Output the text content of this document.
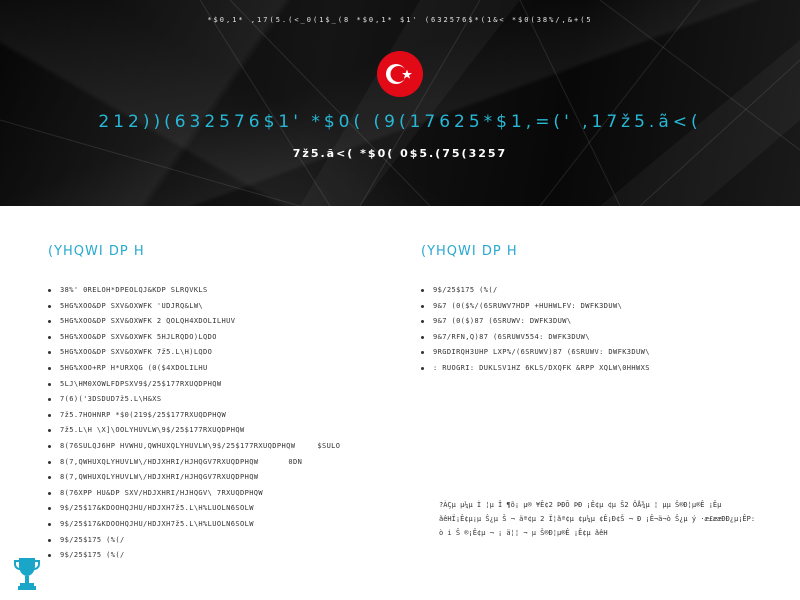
*$0,1* ,17(5.(<_0(1$_(8 *$0,1* $1' (632576$*(1&< *$0(38%/,&+(5
212))(632576$1' *$0( (9(17625*$1,=(' ,17ž5.ã<(
7ž5.ã<( *$0( 0$5.(75(3257
(YHQWI DP H
38%' 0RELOH*DPEOLQJ&KDP SLRQVKLS
5HG%XOO&DP SXV&OXWFK 'UDJRQ&LW\
5HG%XOO&DP SXV&OXWFK 2 QOLQH4XDOLILHUV
5HG%XOO&DP SXV&OXWFK 5HJLRQDO)LQDO
5HG%XOO&DP SXV&OXWFK 7ž5.L\H)LQDO
5HG%XOO+RP H*URXQG (0($4XDOLILHU
5LJ\HM0XOWLFDPSXV9$/25$177RXUQDPHQW
7(6)('3DSDUD7ž5.L\H&XS
7ž5.7HOHNRP *$0(219$/25$177RXUQDPHQW
7ž5.L\H \X]\OOLYHUVLW\9$/25$177RXUQDPHQW
8(76SULQJ6HP HVWHU,QWHUXQLYHUVLW\9$/25$177RXUQDPHQW	$SULO
8(7,QWHUXQLYHUVLW\/HDJXHRI/HJHQGV7RXUQDPHQW	0DN
8(7,QWHUXQLYHUVLW\/HDJXHRI/HJHQGV7RXUQDPHQW
8(76XPP HU&DP SXV/HDJXHRI/HJHQGV\ 7RXUQDPHQW
9$/25$17&KDOOHQJHU/HDJXH7ž5.L\H%LUOLN6SOLW
9$/25$17&KDOOHQJHU/HDJXH7ž5.L\H%LUOLN6SOLW
9$/25$175 (%(/
9$/25$175 (%(/
(YHQWI DP H
9$/25$175 (%(/
9&7 (0($%/(6SRUWV7HDP +HUHWLFV: DWFK3DUW\
9&7 (0($)87 (6SRUWV: DWFK3DUW\
9&7/RFN,Q)87 (6SRUWV554: DWFK3DUW\
9RGDIRQH3UHP LXP%/(6SRUWV)87 (6SRUWV: DWFK3DUW\
: RUOGRI: DUKLSV1HZ 6KLS/DXQFK &RPP XQLW\0HHWXS
?ÀÇµ µ¼µ Ì ¦µ Î ¶õ¡ µ® ¥Ê¢2 ÞÐÕ ÞÐ ¡Ê¢µ ¢µ Š2 ÔÅ¾µ ¦ µµ Š®Ð¦µ®Ê ¡Êµ ãêHÏ¡Ê¢µ¡µ Ŝ¿µ Š ¬ äª¢µ 2 Ï¦ãª¢µ ¢µ¼µ ¢Ê¡Ð¢Š ¬ Ð ¡Ê¬ä¬ò Ŝ¿µ ý ·æ£ææÐÐ¿µ¡ÊP: ò i Š ®¡Ê¢µ ¬ ¡ ä¦¦ ¬ µ Š®Ð¦µ®Ê ¡Ê¢µ ãêH
